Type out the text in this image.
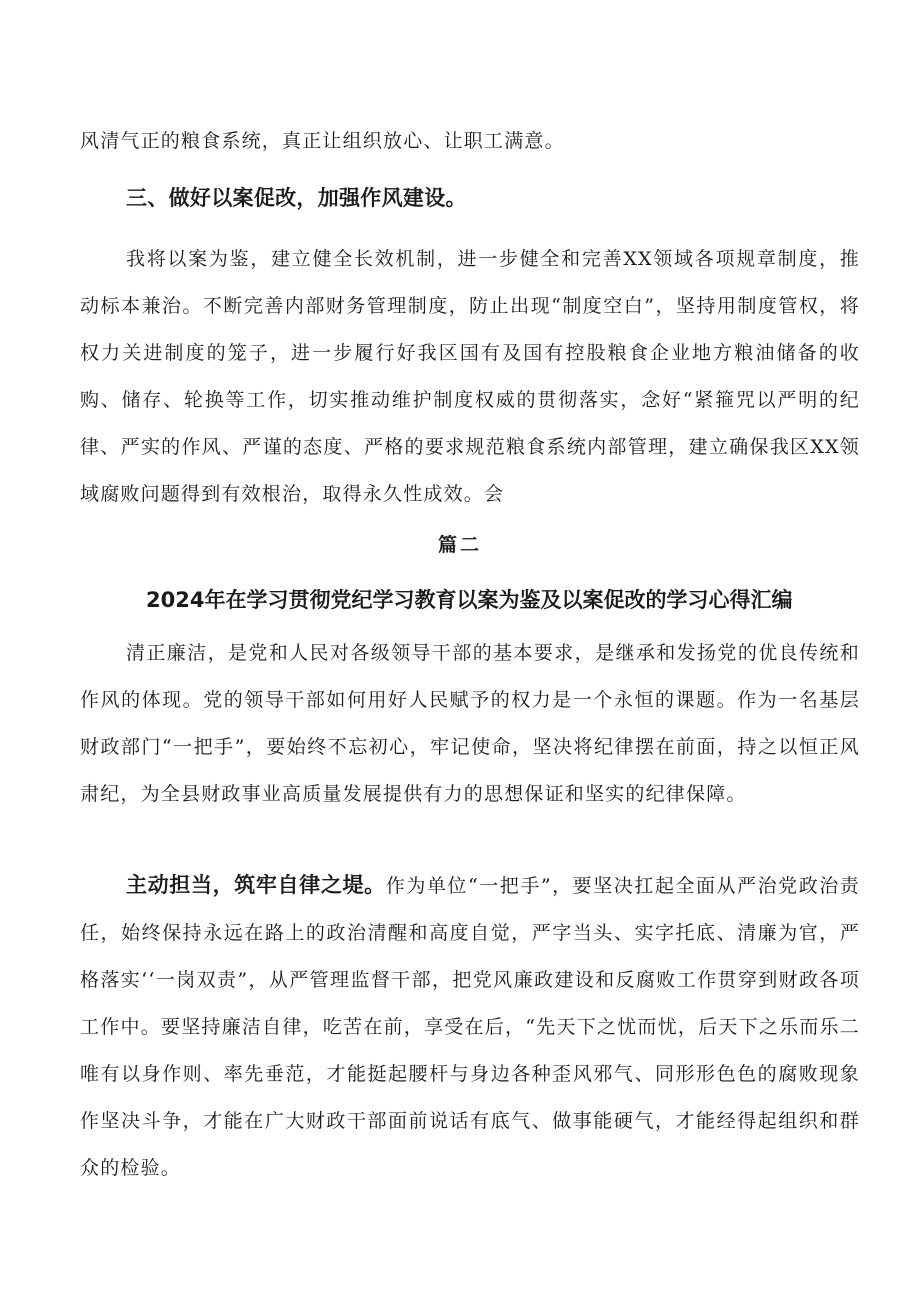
风清气正的粮食系统，真正让组织放心、让职工满意。
三、做好以案促改，加强作风建设。
我将以案为鉴，建立健全长效机制，进一步健全和完善XX领域各项规章制度，推动标本兼治。不断完善内部财务管理制度，防止出现“制度空白”，坚持用制度管权，将权力关进制度的笼子，进一步履行好我区国有及国有控股粮食企业地方粮油储备的收购、储存、轮换等工作，切实推动维护制度权威的贯彻落实，念好“紧箍咒以严明的纪律、严实的作风、严谨的态度、严格的要求规范粮食系统内部管理，建立确保我区XX领域腐败问题得到有效根治，取得永久性成效。会
篇二
2024年在学习贯彻党纪学习教育以案为鉴及以案促改的学习心得汇编
清正廉洁，是党和人民对各级领导干部的基本要求，是继承和发扬党的优良传统和作风的体现。党的领导干部如何用好人民赋予的权力是一个永恒的课题。作为一名基层财政部门“一把手”，要始终不忘初心，牢记使命，坚决将纪律摆在前面，持之以恒正风肃纪，为全县财政事业高质量发展提供有力的思想保证和坚实的纪律保障。
主动担当，筑牢自律之堤。作为单位“一把手”，要坚决扛起全面从严治党政治责任，始终保持永远在路上的政治清醒和高度自觉，严字当头、实字托底、清廉为官，严格落实‘‘一岗双责”，从严管理监督干部，把党风廉政建设和反腐败工作贯穿到财政各项工作中。要坚持廉洁自律，吃苦在前，享受在后，“先天下之忧而忧，后天下之乐而乐二唯有以身作则、率先垂范，才能挺起腰杆与身边各种歪风邪气、同形形色色的腐败现象作坚决斗争，才能在广大财政干部面前说话有底气、做事能硬气，才能经得起组织和群众的检验。
